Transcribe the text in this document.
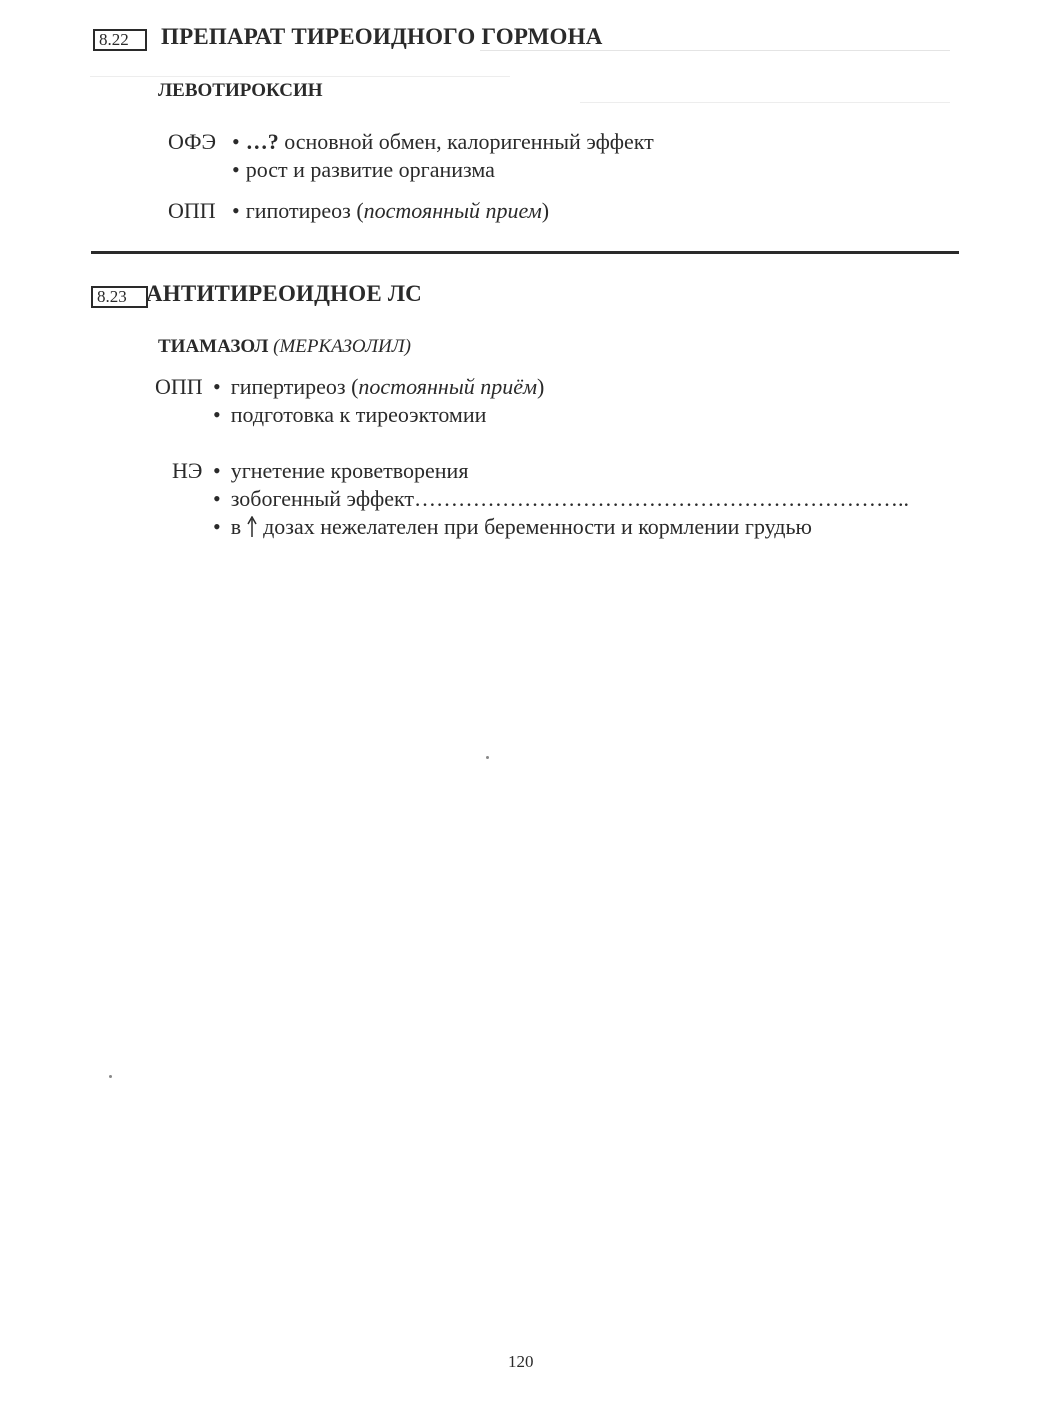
8.22	ПРЕПАРАТ ТИРЕОИДНОГО ГОРМОНА
ЛЕВОТИРОКСИН
ОФЭ • …? основной обмен, калоригенный эффект
• рост и развитие организма
ОПП • гипотиреоз (постоянный прием)
8.23 АНТИТИРЕОИДНОЕ ЛС
ТИАМАЗОЛ (МЕРКАЗОЛИЛ)
ОПП • гипертиреоз (постоянный приём)
• подготовка к тиреоэктомии
НЭ • угнетение кроветворения
• зобогенный эффект…………………………………………………………..
• в дозах нежелателен при беременности и кормлении грудью
120
